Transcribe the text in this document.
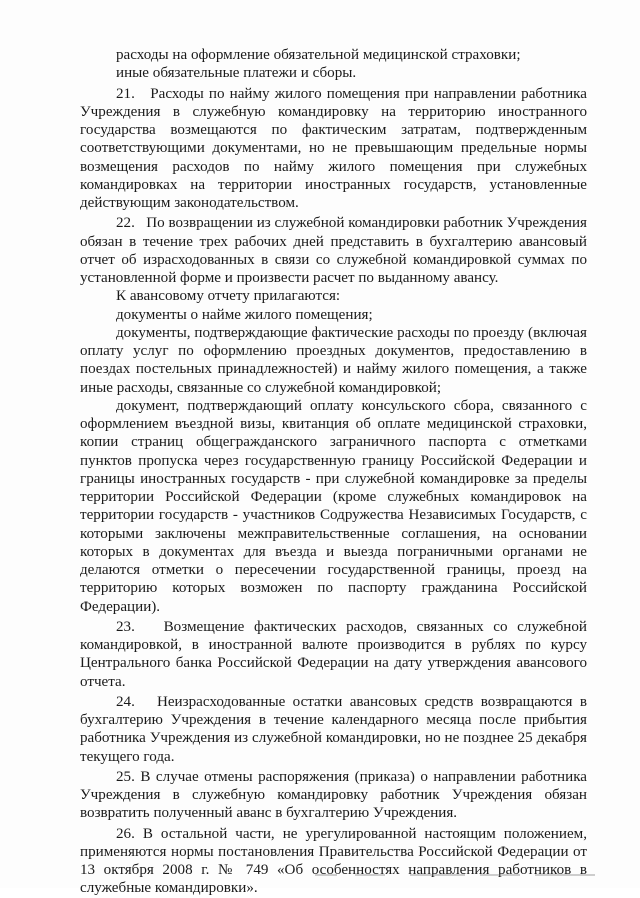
расходы на оформление обязательной медицинской страховки;

иные обязательные платежи и сборы.

21.   Расходы по найму жилого помещения при направлении работника Учреждения в служебную командировку на территорию иностранного государства возмещаются по фактическим затратам, подтвержденным соответствующими документами, но не превышающим предельные нормы возмещения расходов по найму жилого помещения при служебных командировках на территории иностранных государств, установленные действующим законодательством.

22.   По возвращении из служебной командировки работник Учреждения обязан в течение трех рабочих дней представить в бухгалтерию авансовый отчет об израсходованных в связи со служебной командировкой суммах по установленной форме и произвести расчет по выданному авансу.

К авансовому отчету прилагаются:

документы о найме жилого помещения;

документы, подтверждающие фактические расходы по проезду (включая оплату услуг по оформлению проездных документов, предоставлению в поездах постельных принадлежностей) и найму жилого помещения, а также иные расходы, связанные со служебной командировкой;

документ, подтверждающий оплату консульского сбора, связанного с оформлением въездной визы, квитанция об оплате медицинской страховки, копии страниц общегражданского заграничного паспорта с отметками пунктов пропуска через государственную границу Российской Федерации и границы иностранных государств - при служебной командировке за пределы территории Российской Федерации (кроме служебных командировок на территории государств - участников Содружества Независимых Государств, с которыми заключены межправительственные соглашения, на основании которых в документах для въезда и выезда пограничными органами не делаются отметки о пересечении государственной границы, проезд на территорию которых возможен по паспорту гражданина Российской Федерации).

23.   Возмещение фактических расходов, связанных со служебной командировкой, в иностранной валюте производится в рублях по курсу Центрального банка Российской Федерации на дату утверждения авансового отчета.

24.   Неизрасходованные остатки авансовых средств возвращаются в бухгалтерию Учреждения в течение календарного месяца после прибытия работника Учреждения из служебной командировки, но не позднее 25 декабря текущего года.

25. В случае отмены распоряжения (приказа) о направлении работника Учреждения в служебную командировку работник Учреждения обязан возвратить полученный аванс в бухгалтерию Учреждения.

26. В остальной части, не урегулированной настоящим положением, применяются нормы постановления Правительства Российской Федерации от 13 октября 2008 г. № 749 «Об особенностях направления работников в служебные командировки».
